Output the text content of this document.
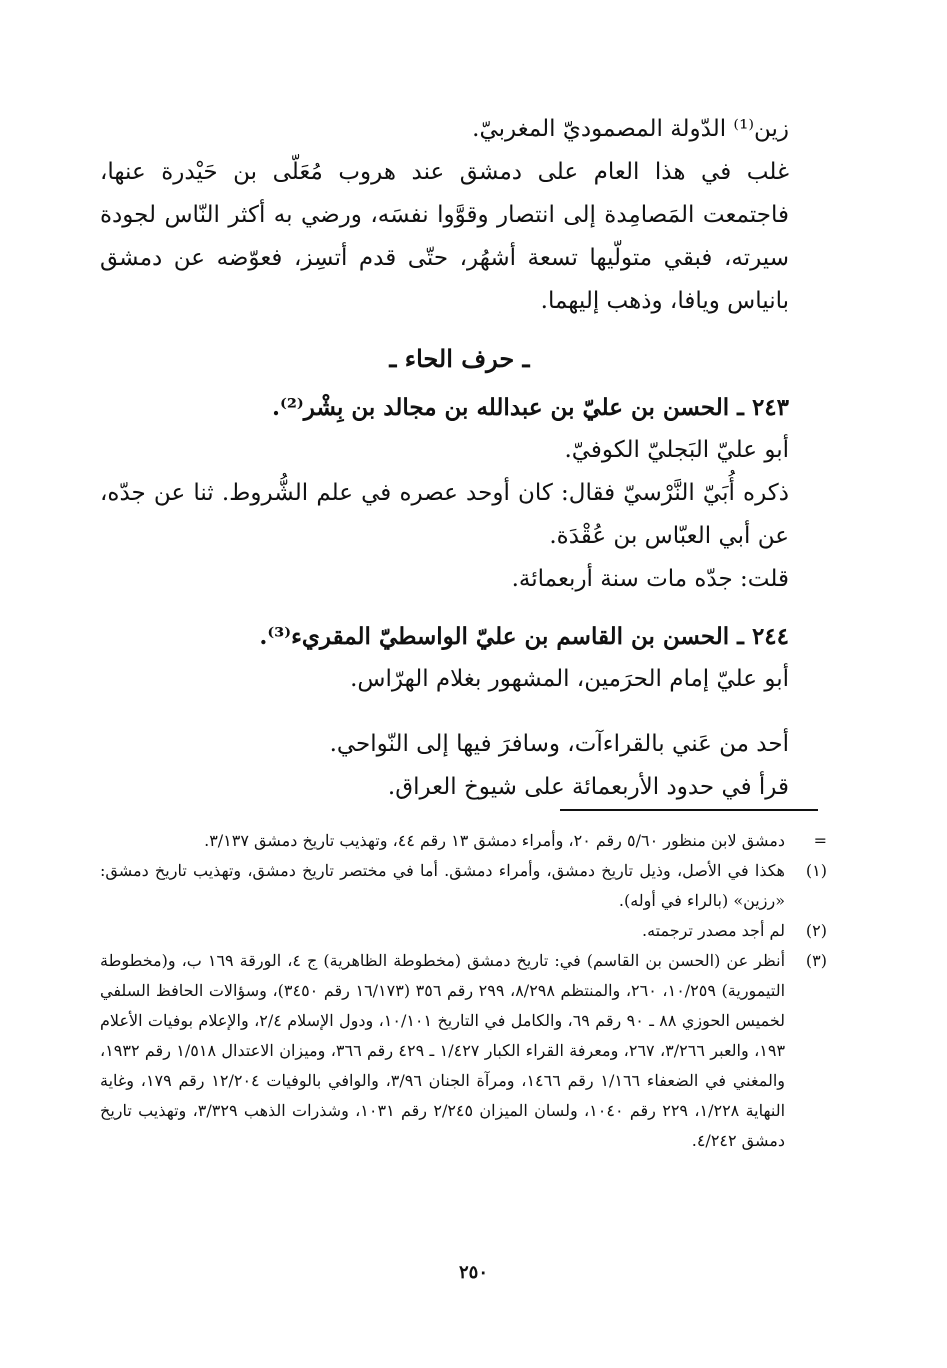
زين⁽¹⁾ الدّولة المصموديّ المغربيّ.

غلب في هذا العام على دمشق عند هروب مُعَلّى بن حَيْدرة عنها، فاجتمعت المَصامِدة إلى انتصار وقوَّوا نفسَه، ورضي به أكثر النّاس لجودة سيرته، فبقي متولّيها تسعة أشهُر، حتّى قدم أتسِز، فعوّضه عن دمشق بانياس ويافا، وذهب إليهما.

ـ حرف الحاء ـ

٢٤٣ ـ الحسن بن عليّ بن عبدالله بن مجالد بن بِشْر⁽²⁾.

أبو عليّ البَجليّ الكوفيّ.

ذكره أُبَيّ النَّرْسيّ فقال: كان أوحد عصره في علم الشُّروط. ثنا عن جدّه، عن أبي العبّاس بن عُقْدَة.

قلت: جدّه مات سنة أربعمائة.

٢٤٤ ـ الحسن بن القاسم بن عليّ الواسطيّ المقريء⁽³⁾.

أبو عليّ إمام الحرَمين، المشهور بغلام الهرّاس.

أحد من عَني بالقراءآت، وسافرَ فيها إلى النّواحي.

قرأ في حدود الأربعمائة على شيوخ العراق.

=
دمشق لابن منظور ٥/٦٠ رقم ٢٠، وأمراء دمشق ١٣ رقم ٤٤، وتهذيب تاريخ دمشق ٣/١٣٧.
(١)
هكذا في الأصل، وذيل تاريخ دمشق، وأمراء دمشق. أما في مختصر تاريخ دمشق، وتهذيب تاريخ دمشق: «رزين» (بالراء في أوله).
(٢)
لم أجد مصدر ترجمته.
(٣)
أنظر عن (الحسن بن القاسم) في: تاريخ دمشق (مخطوطة الظاهرية) ج ٤، الورقة ١٦٩ ب، و(مخطوطة التيمورية) ١٠/٢٥٩، ٢٦٠، والمنتظم ٨/٢٩٨، ٢٩٩ رقم ٣٥٦ (١٦/١٧٣ رقم ٣٤٥٠)، وسؤالات الحافظ السلفي لخميس الحوزي ٨٨ ـ ٩٠ رقم ٦٩، والكامل في التاريخ ١٠/١٠١، ودول الإسلام ٢/٤، والإعلام بوفيات الأعلام ١٩٣، والعبر ٣/٢٦٦، ٢٦٧، ومعرفة القراء الكبار ١/٤٢٧ ـ ٤٢٩ رقم ٣٦٦، وميزان الاعتدال ١/٥١٨ رقم ١٩٣٢، والمغني في الضعفاء ١/١٦٦ رقم ١٤٦٦، ومرآة الجنان ٣/٩٦، والوافي بالوفيات ١٢/٢٠٤ رقم ١٧٩، وغاية النهاية ١/٢٢٨، ٢٢٩ رقم ١٠٤٠، ولسان الميزان ٢/٢٤٥ رقم ١٠٣١، وشذرات الذهب ٣/٣٢٩، وتهذيب تاريخ دمشق ٤/٢٤٢.
٢٥٠
